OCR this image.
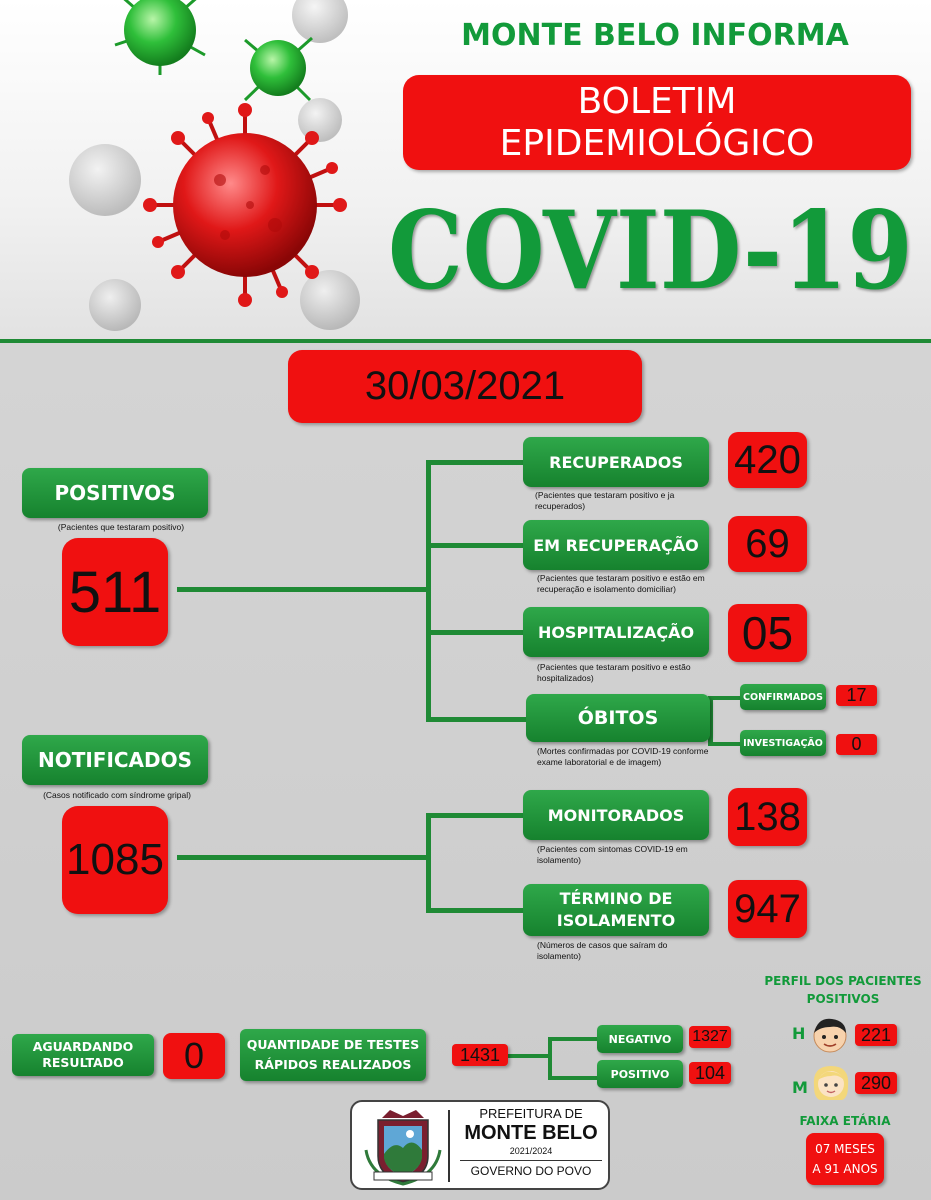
MONTE BELO INFORMA
BOLETIM
EPIDEMIOLÓGICO
COVID-19
30/03/2021
POSITIVOS
(Pacientes que testaram positivo)
511
NOTIFICADOS
(Casos notificado com síndrome gripal)
1085
RECUPERADOS
(Pacientes que testaram positivo e ja recuperados)
420
EM RECUPERAÇÃO
(Pacientes que testaram positivo e estão em recuperação e isolamento domiciliar)
69
HOSPITALIZAÇÃO
(Pacientes que testaram positivo e estão hospitalizados)
05
ÓBITOS
(Mortes confirmadas por COVID-19 conforme exame laboratorial e de imagem)
CONFIRMADOS 17
INVESTIGAÇÃO 0
MONITORADOS
(Pacientes com sintomas COVID-19 em isolamento)
138
TÉRMINO DE
ISOLAMENTO
(Números de casos que saíram do isolamento)
947
AGUARDANDO
RESULTADO 0	QUANTIDADE DE TESTES
RÁPIDOS REALIZADOS	1431
NEGATIVO 1327
POSITIVO 104
PERFIL DOS PACIENTES
POSITIVOS
H	221
M	290
FAIXA ETÁRIA
07 MESES
A 91 ANOS
PREFEITURA DE
MONTE BELO
2021/2024
GOVERNO DO POVO
